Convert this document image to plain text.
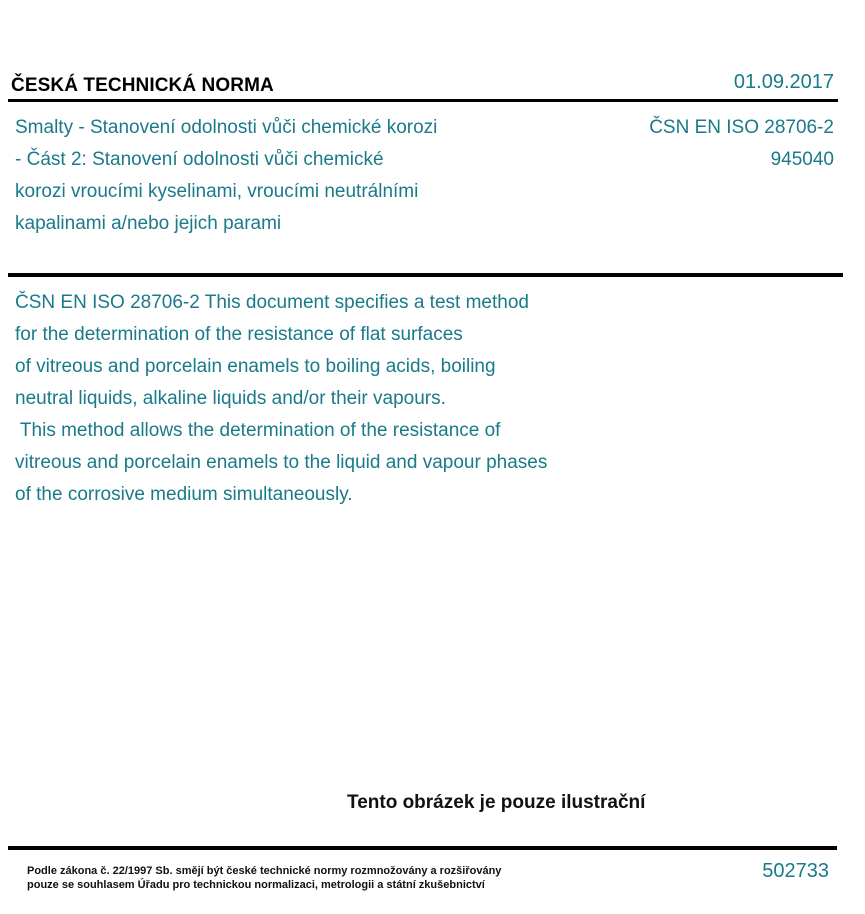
ČESKÁ TECHNICKÁ NORMA	01.09.2017
Smalty - Stanovení odolnosti vůči chemické korozi
- Část 2: Stanovení odolnosti vůči chemické
korozi vroucími kyselinami, vroucími neutrálními
kapalinami a/nebo jejich parami
ČSN EN ISO 28706-2
945040
ČSN EN ISO 28706-2 This document specifies a test method
for the determination of the resistance of flat surfaces
of vitreous and porcelain enamels to boiling acids, boiling
neutral liquids, alkaline liquids and/or their vapours.
This method allows the determination of the resistance of
vitreous and porcelain enamels to the liquid and vapour phases
of the corrosive medium simultaneously.
Tento obrázek je pouze ilustrační
Podle zákona č. 22/1997 Sb. smějí být české technické normy rozmnožovány a rozšiřovány
pouze se souhlasem Úřadu pro technickou normalizaci, metrologii a státní zkušebnictví
502733
